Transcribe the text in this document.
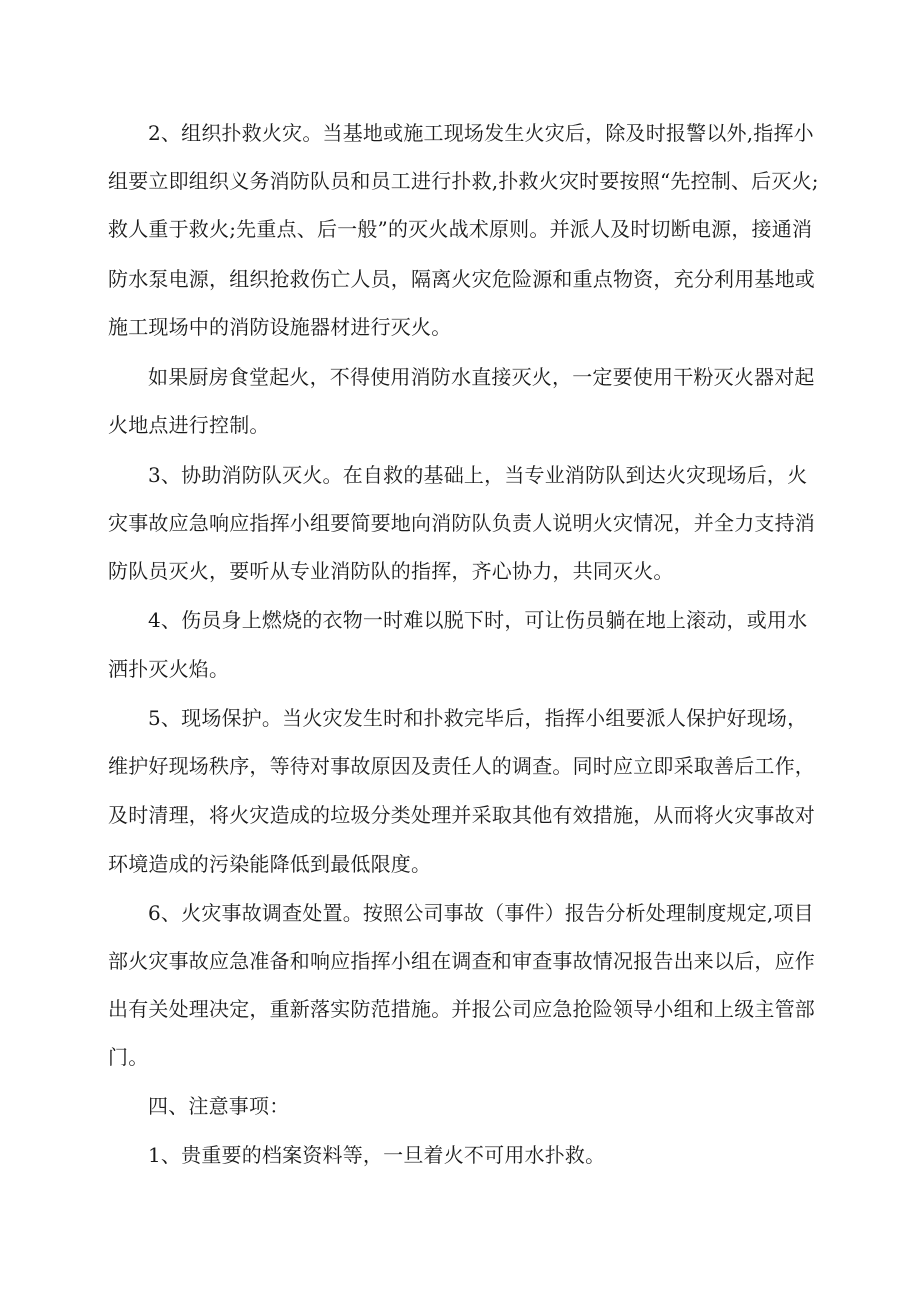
2、组织扑救火灾。当基地或施工现场发生火灾后，除及时报警以外,指挥小
组要立即组织义务消防队员和员工进行扑救,扑救火灾时要按照“先控制、后灭火;
救人重于救火;先重点、后一般”的灭火战术原则。并派人及时切断电源，接通消
防水泵电源，组织抢救伤亡人员，隔离火灾危险源和重点物资，充分利用基地或
施工现场中的消防设施器材进行灭火。
如果厨房食堂起火，不得使用消防水直接灭火，一定要使用干粉灭火器对起
火地点进行控制。
3、协助消防队灭火。在自救的基础上，当专业消防队到达火灾现场后，火
灾事故应急响应指挥小组要简要地向消防队负责人说明火灾情况，并全力支持消
防队员灭火，要听从专业消防队的指挥，齐心协力，共同灭火。
4、伤员身上燃烧的衣物一时难以脱下时，可让伤员躺在地上滚动，或用水
洒扑灭火焰。
5、现场保护。当火灾发生时和扑救完毕后，指挥小组要派人保护好现场，
维护好现场秩序，等待对事故原因及责任人的调查。同时应立即采取善后工作，
及时清理，将火灾造成的垃圾分类处理并采取其他有效措施，从而将火灾事故对
环境造成的污染能降低到最低限度。
6、火灾事故调查处置。按照公司事故（事件）报告分析处理制度规定,项目
部火灾事故应急准备和响应指挥小组在调查和审查事故情况报告出来以后，应作
出有关处理决定，重新落实防范措施。并报公司应急抢险领导小组和上级主管部
门。
四、注意事项：
1、贵重要的档案资料等，一旦着火不可用水扑救。
